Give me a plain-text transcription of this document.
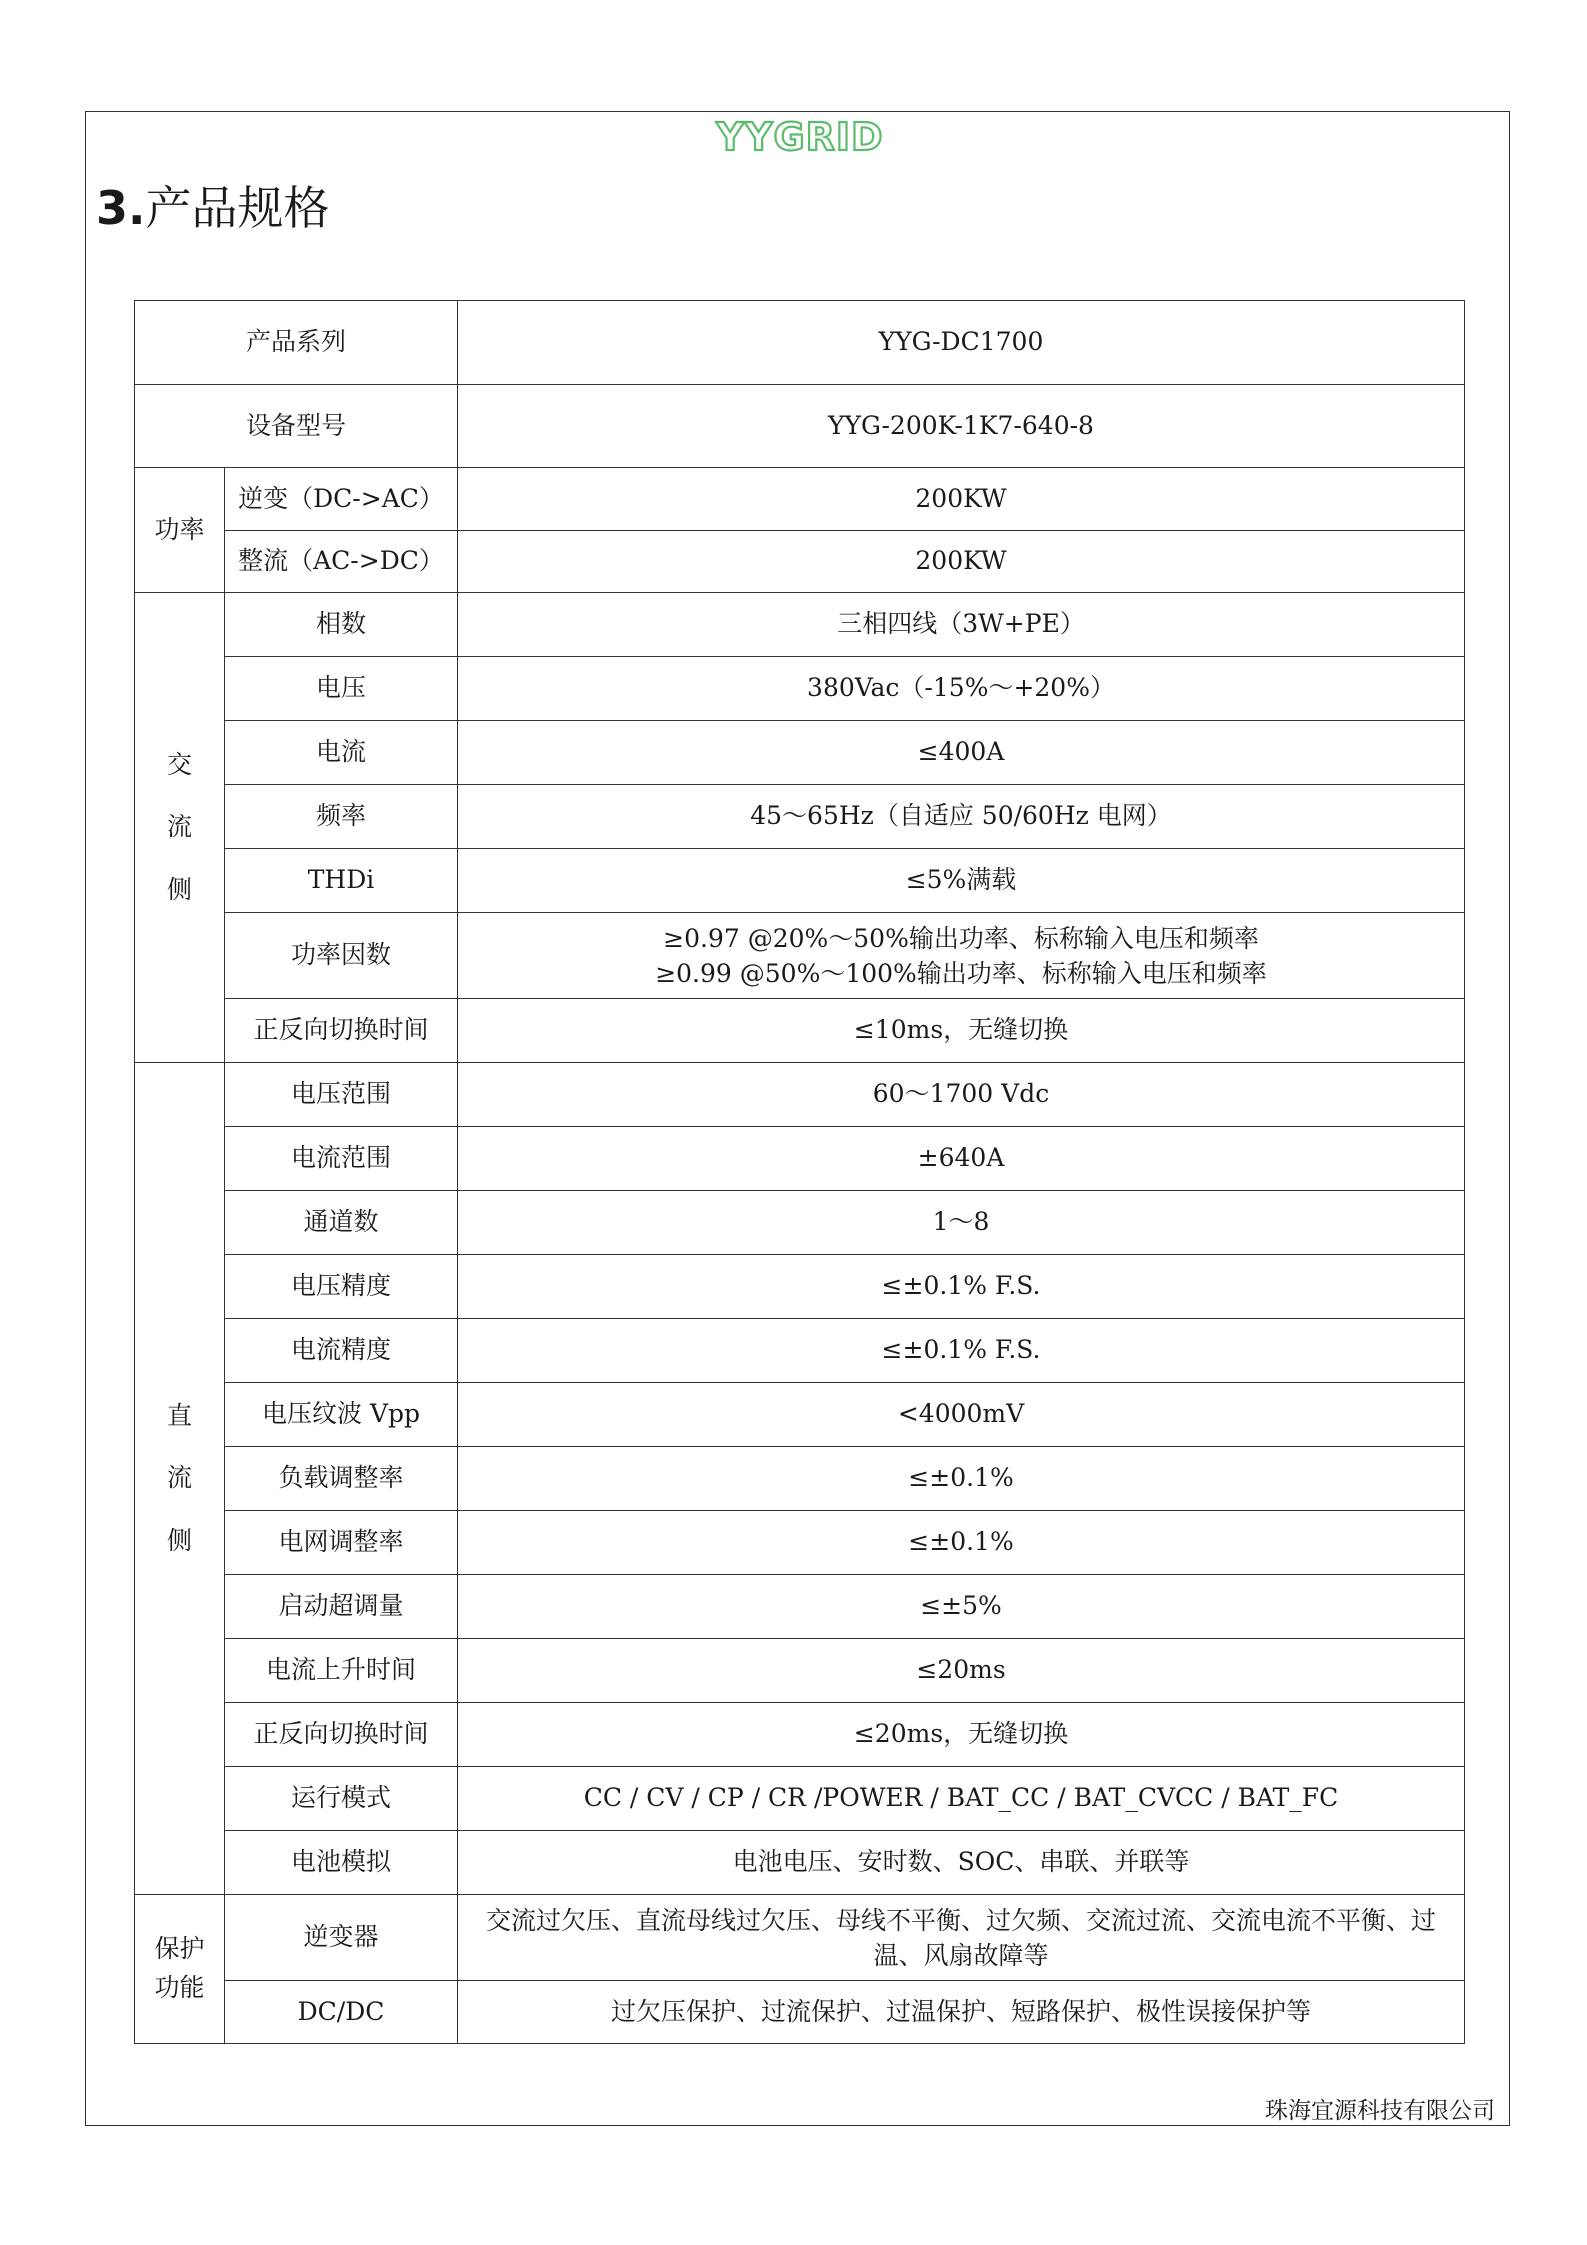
YYGRID
3.产品规格
产品系列		YYG-DC1700
设备型号		YYG-200K-1K7-640-8
功率	逆变（DC->AC）	200KW
	整流（AC->DC）	200KW
交
流
侧	相数	三相四线（3W+PE）
	电压	380Vac（-15%～+20%）
	电流	≤400A
	频率	45～65Hz（自适应 50/60Hz 电网）
	THDi	≤5%满载
	功率因数	≥0.97 @20%～50%输出功率、标称输入电压和频率
≥0.99 @50%～100%输出功率、标称输入电压和频率

	正反向切换时间	≤10ms，无缝切换
直
流
侧	电压范围	60～1700 Vdc
	电流范围	±640A
	通道数	1～8
	电压精度	≤±0.1% F.S.
	电流精度	≤±0.1% F.S.
	电压纹波 Vpp	<4000mV
	负载调整率	≤±0.1%
	电网调整率	≤±0.1%
	启动超调量	≤±5%
	电流上升时间	≤20ms
	正反向切换时间	≤20ms，无缝切换
	运行模式	CC / CV / CP / CR /POWER / BAT_CC / BAT_CVCC / BAT_FC
	电池模拟	电池电压、安时数、SOC、串联、并联等
保护
功能	逆变器	交流过欠压、直流母线过欠压、母线不平衡、过欠频、交流过流、交流电流不平衡、过温、风扇故障等
	DC/DC	过欠压保护、过流保护、过温保护、短路保护、极性误接保护等
珠海宜源科技有限公司
